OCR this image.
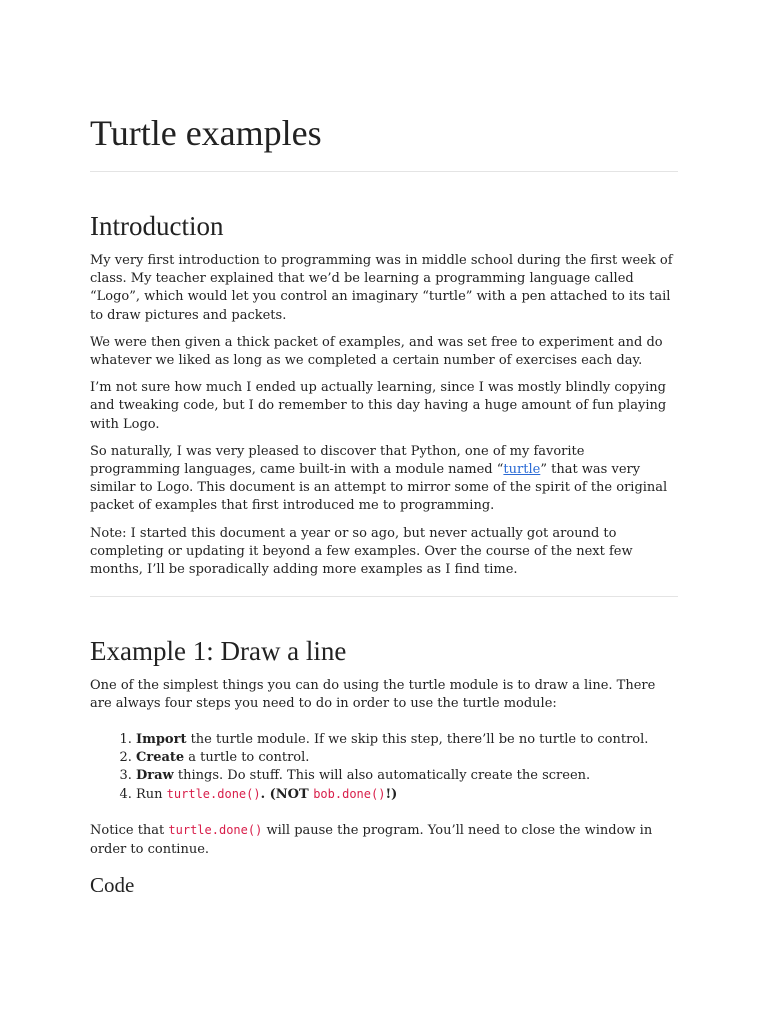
Turtle examples
Introduction

My very first introduction to programming was in middle school during the first week of class. My teacher explained that we’d be learning a programming language called “Logo”, which would let you control an imaginary “turtle” with a pen attached to its tail to draw pictures and packets.

We were then given a thick packet of examples, and was set free to experiment and do whatever we liked as long as we completed a certain number of exercises each day.

I’m not sure how much I ended up actually learning, since I was mostly blindly copying and tweaking code, but I do remember to this day having a huge amount of fun playing with Logo.

So naturally, I was very pleased to discover that Python, one of my favorite programming languages, came built-in with a module named “turtle” that was very similar to Logo. This document is an attempt to mirror some of the spirit of the original packet of examples that first introduced me to programming.

Note: I started this document a year or so ago, but never actually got around to completing or updating it beyond a few examples. Over the course of the next few months, I’ll be sporadically adding more examples as I find time.

Example 1: Draw a line

One of the simplest things you can do using the turtle module is to draw a line. There are always four steps you need to do in order to use the turtle module:

1. Import the turtle module. If we skip this step, there’ll be no turtle to control.
2. Create a turtle to control.
3. Draw things. Do stuff. This will also automatically create the screen.
4. Run turtle.done(). (NOT bob.done()!)

Notice that turtle.done() will pause the program. You’ll need to close the window in order to continue.

Code
